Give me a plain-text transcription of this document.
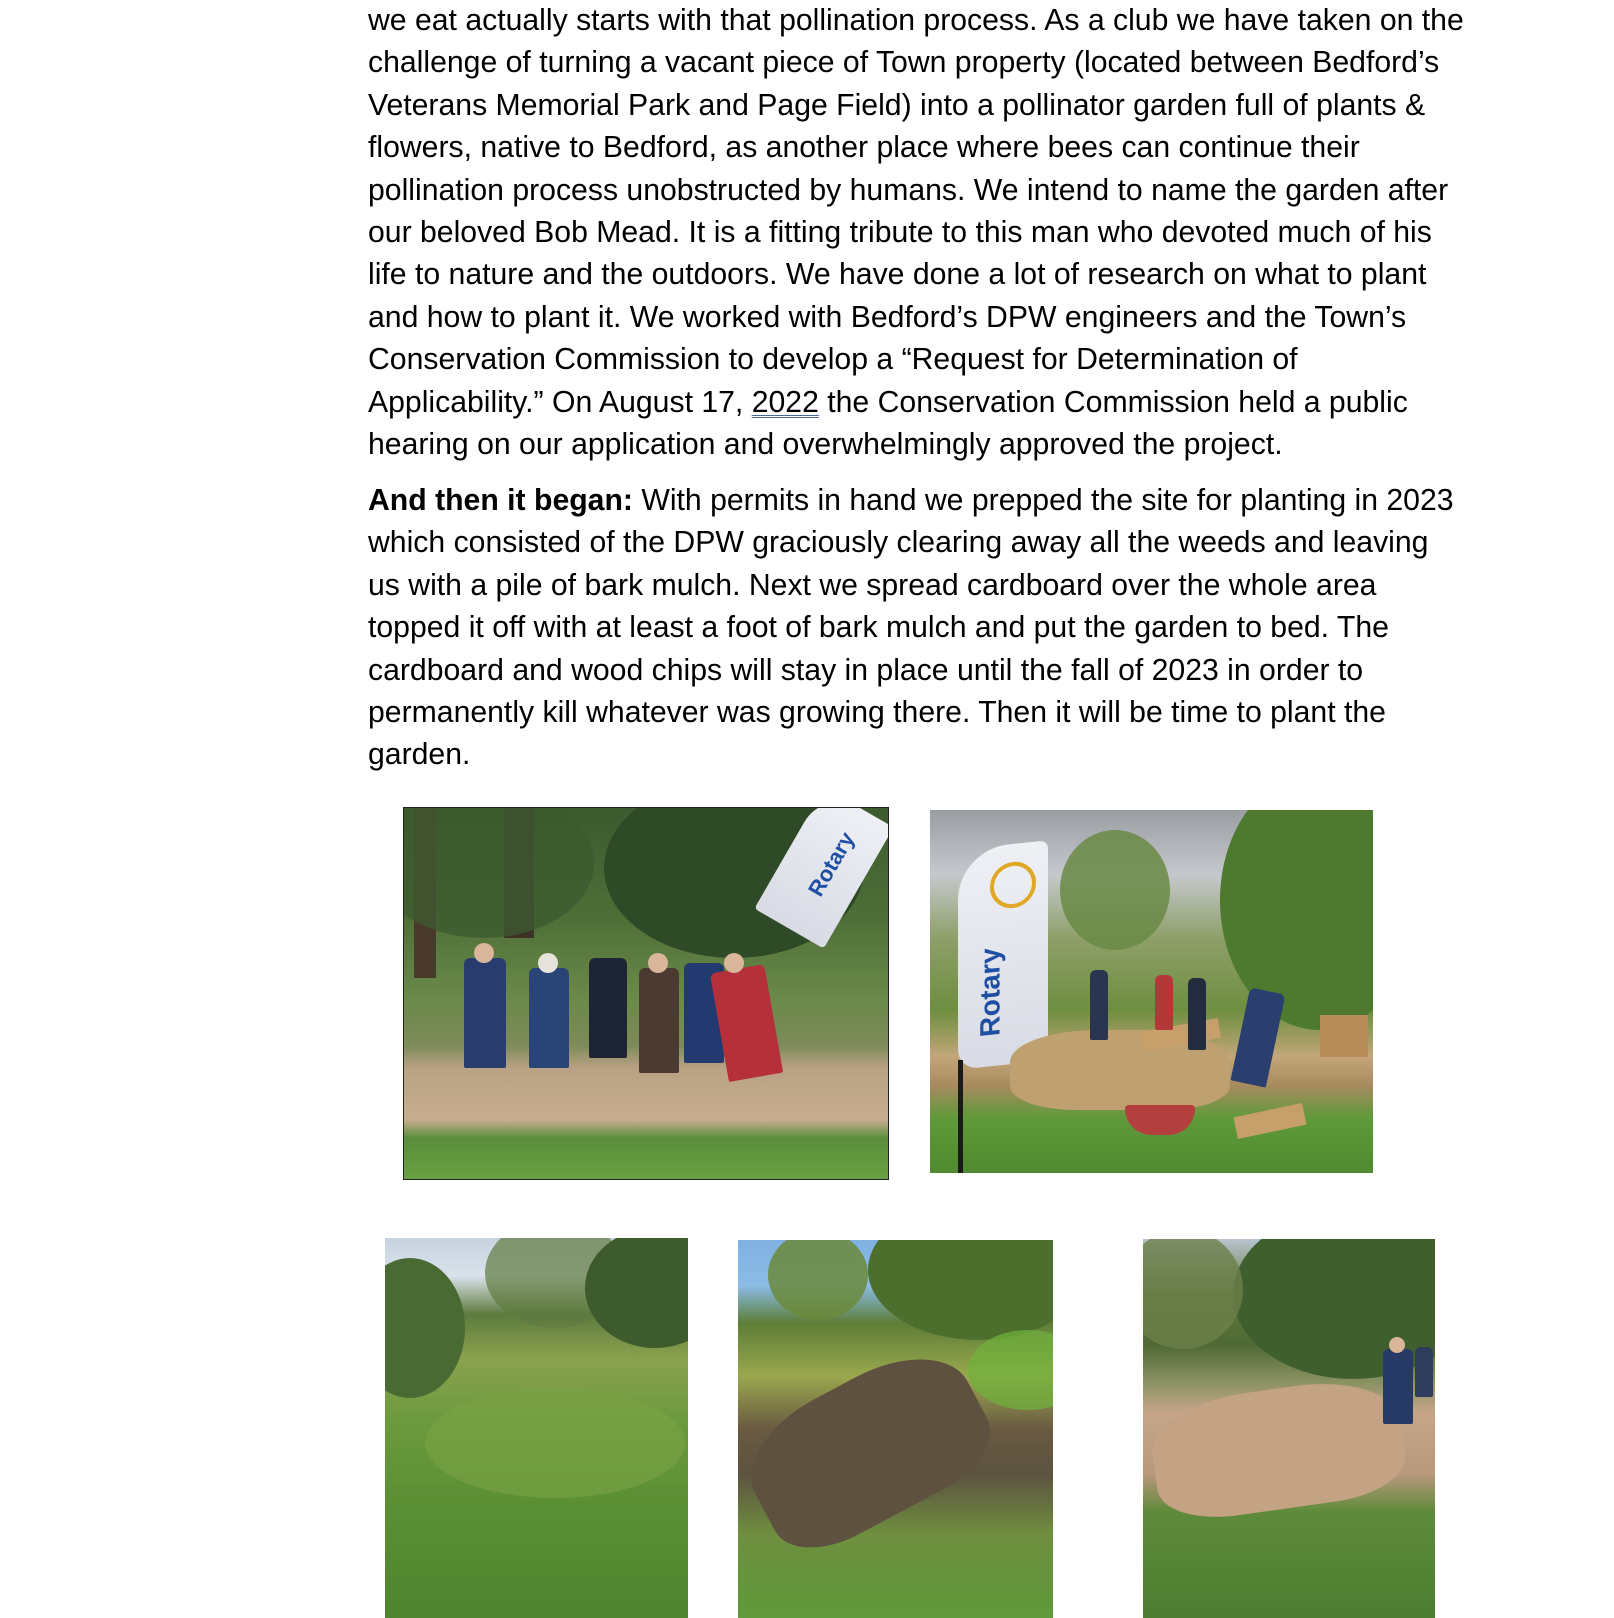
we eat actually starts with that pollination process. As a club we have taken on the
challenge of turning a vacant piece of Town property (located between Bedford’s
Veterans Memorial Park and Page Field) into a pollinator garden full of plants &
flowers, native to Bedford, as another place where bees can continue their
pollination process unobstructed by humans. We intend to name the garden after
our beloved Bob Mead. It is a fitting tribute to this man who devoted much of his
life to nature and the outdoors. We have done a lot of research on what to plant
and how to plant it. We worked with Bedford’s DPW engineers and the Town’s
Conservation Commission to develop a “Request for Determination of
Applicability.” On August 17, 2022 the Conservation Commission held a public
hearing on our application and overwhelmingly approved the project.

And then it began: With permits in hand we prepped the site for planting in 2023
which consisted of the DPW graciously clearing away all the weeds and leaving
us with a pile of bark mulch. Next we spread cardboard over the whole area
topped it off with at least a foot of bark mulch and put the garden to bed. The
cardboard and wood chips will stay in place until the fall of 2023 in order to
permanently kill whatever was growing there. Then it will be time to plant the
garden.

Rotary
Rotary
